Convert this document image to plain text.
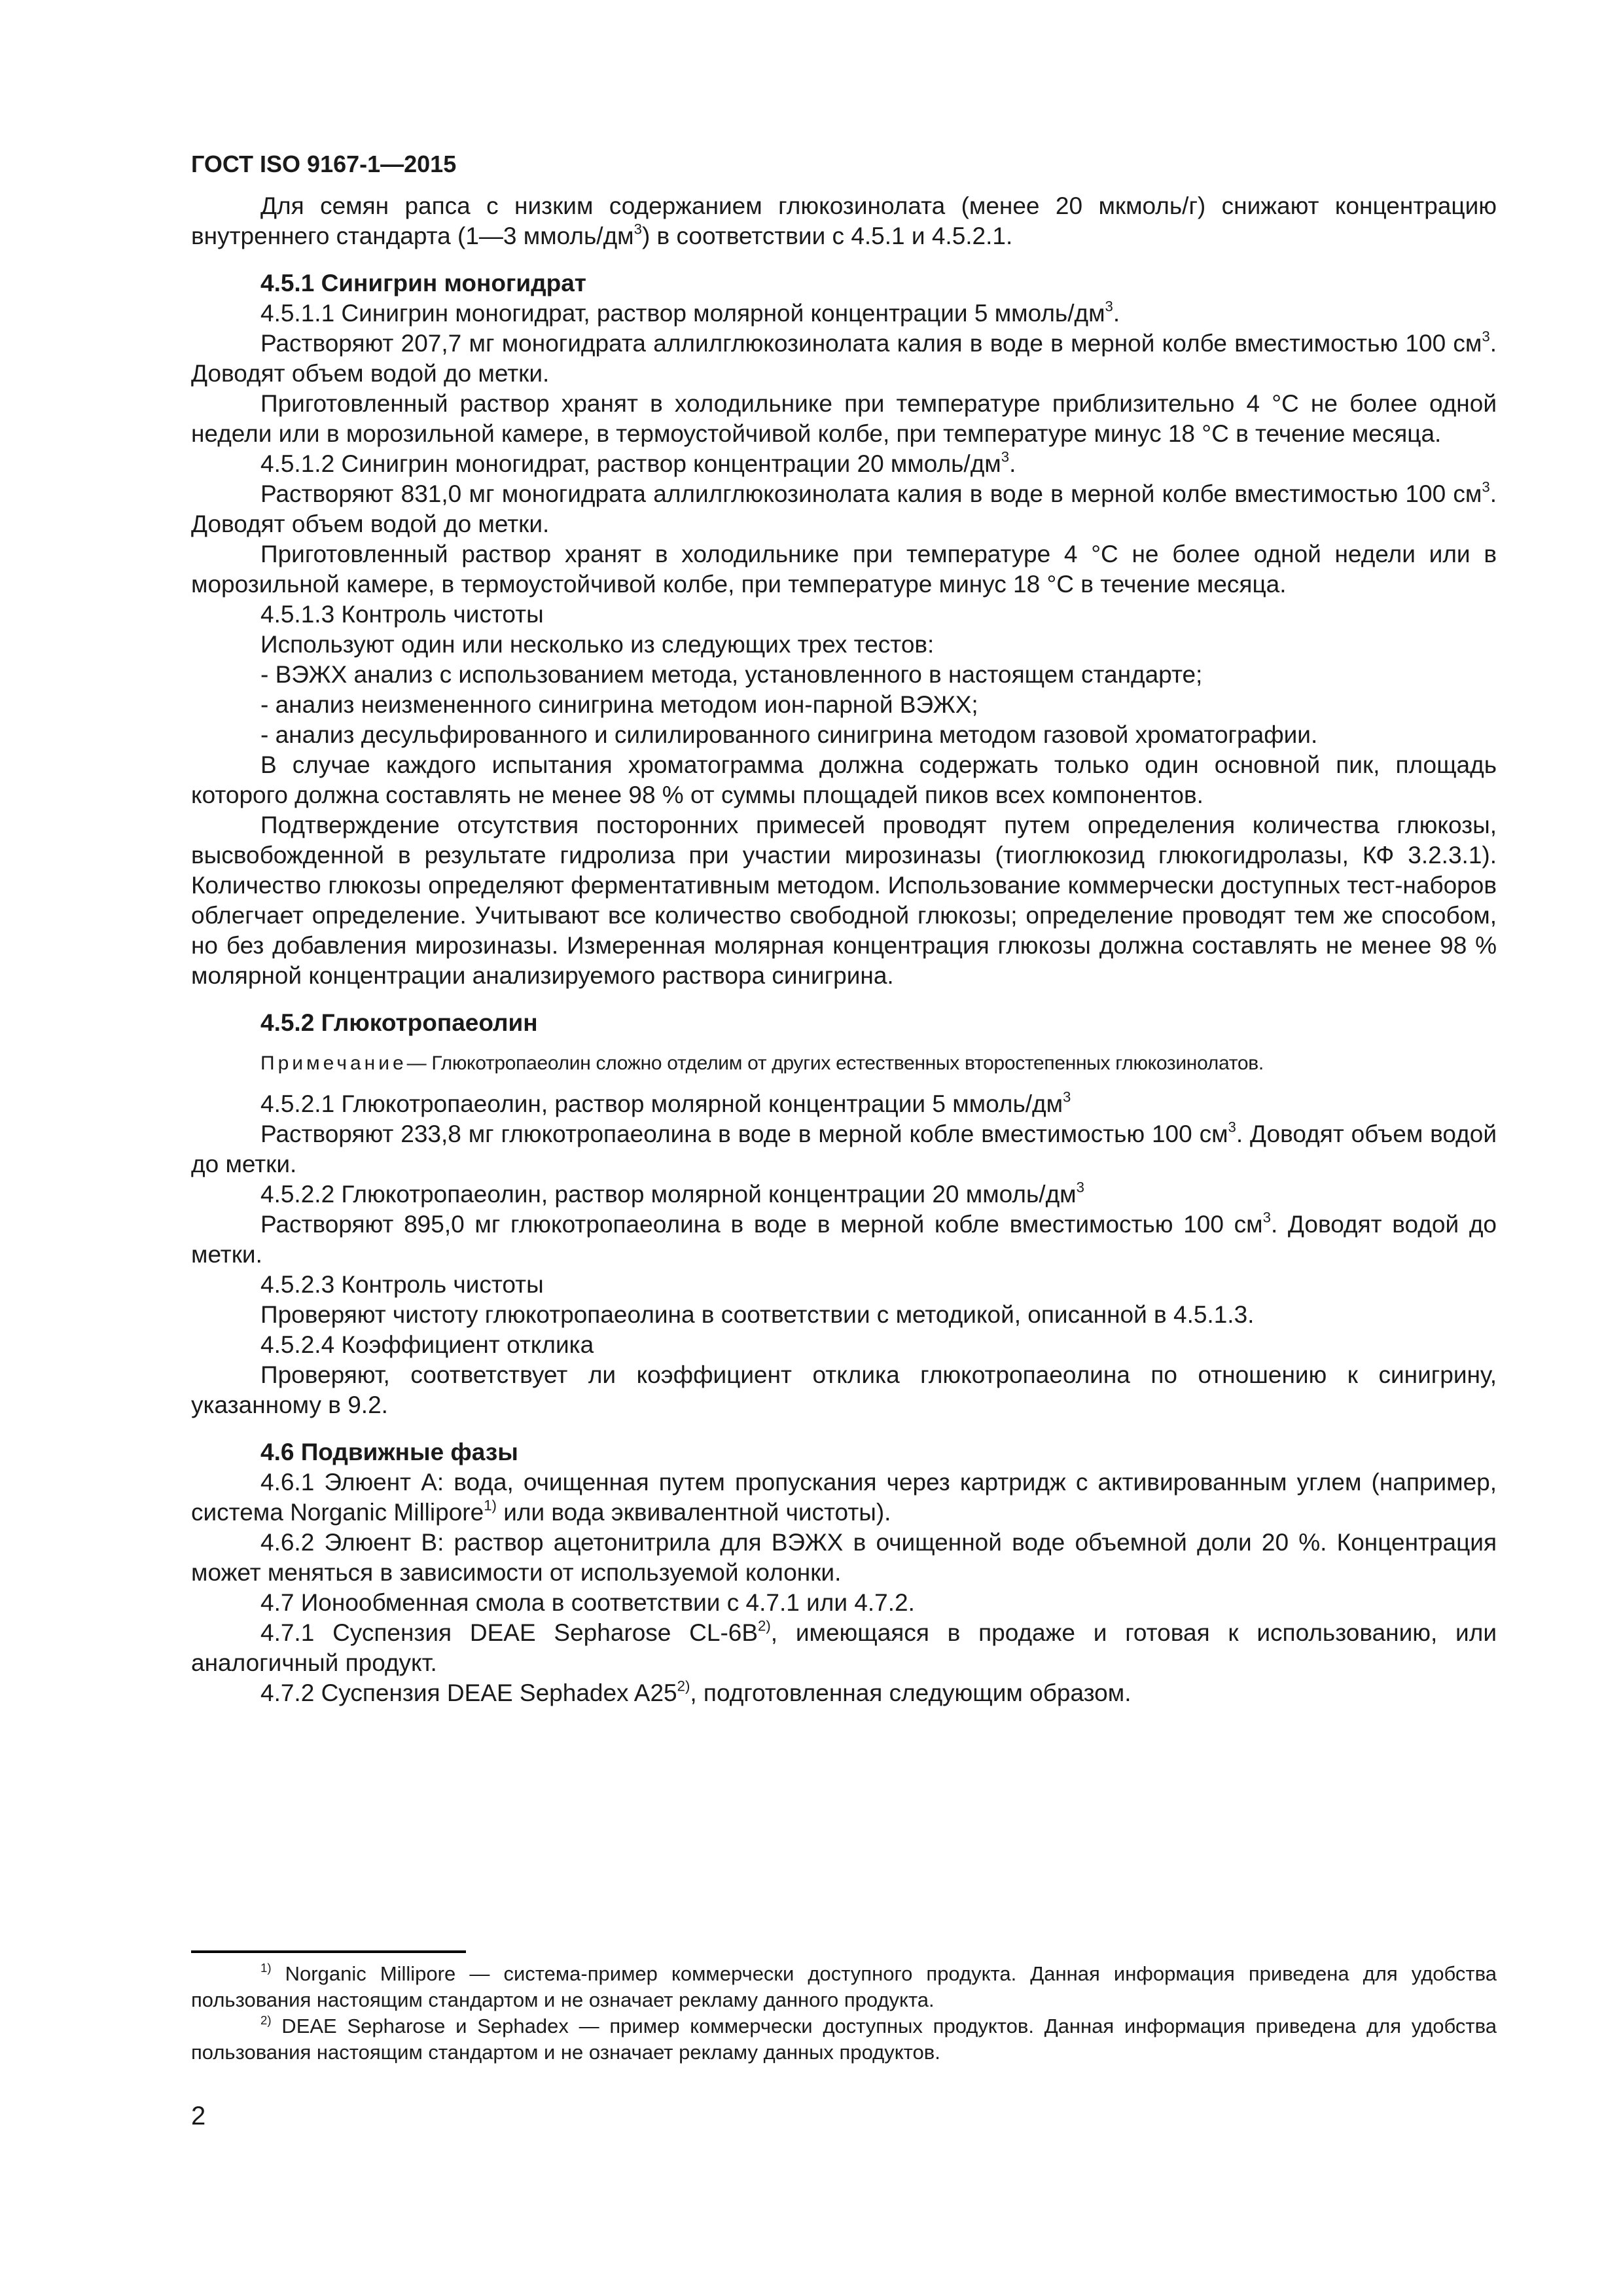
ГОСТ ISO 9167-1—2015

Для семян рапса с низким содержанием глюкозинолата (менее 20 мкмоль/г) снижают концентрацию внутреннего стандарта (1—3 ммоль/$дм^3$) в соответствии с 4.5.1 и 4.5.2.1.

4.5.1 Синигрин моногидрат

4.5.1.1 Синигрин моногидрат, раствор молярной концентрации 5 ммоль/$дм^3$.

Растворяют 207,7 мг моногидрата аллилглюкозинолата калия в воде в мерной колбе вместимостью 100 $см^3$. Доводят объем водой до метки.

Приготовленный раствор хранят в холодильнике при температуре приблизительно 4 °С не более одной недели или в морозильной камере, в термоустойчивой колбе, при температуре минус 18 °С в течение месяца.

4.5.1.2 Синигрин моногидрат, раствор концентрации 20 ммоль/$дм^3$.

Растворяют 831,0 мг моногидрата аллилглюкозинолата калия в воде в мерной колбе вместимостью 100 $см^3$. Доводят объем водой до метки.

Приготовленный раствор хранят в холодильнике при температуре 4 °С не более одной недели или в морозильной камере, в термоустойчивой колбе, при температуре минус 18 °С в течение месяца.

4.5.1.3 Контроль чистоты

Используют один или несколько из следующих трех тестов:

- ВЭЖХ анализ с использованием метода, установленного в настоящем стандарте;

- анализ неизмененного синигрина методом ион-парной ВЭЖХ;

- анализ десульфированного и силилированного синигрина методом газовой хроматографии.

В случае каждого испытания хроматограмма должна содержать только один основной пик, площадь которого должна составлять не менее 98 % от суммы площадей пиков всех компонентов.

Подтверждение отсутствия посторонних примесей проводят путем определения количества глюкозы, высвобожденной в результате гидролиза при участии мирозиназы (тиоглюкозид глюкогидролазы, КФ 3.2.3.1). Количество глюкозы определяют ферментативным методом. Использование коммерчески доступных тест-наборов облегчает определение. Учитывают все количество свободной глюкозы; определение проводят тем же способом, но без добавления мирозиназы. Измеренная молярная концентрация глюкозы должна составлять не менее 98 % молярной концентрации анализируемого раствора синигрина.

4.5.2 Глюкотропаеолин

Примечание— Глюкотропаеолин сложно отделим от других естественных второстепенных глюкозинолатов.

4.5.2.1 Глюкотропаеолин, раствор молярной концентрации 5 ммоль/$дм^3$

Растворяют 233,8 мг глюкотропаеолина в воде в мерной кобле вместимостью 100 $см^3$. Доводят объем водой до метки.

4.5.2.2 Глюкотропаеолин, раствор молярной концентрации 20 ммоль/$дм^3$

Растворяют 895,0 мг глюкотропаеолина в воде в мерной кобле вместимостью 100 $см^3$. Доводят водой до метки.

4.5.2.3 Контроль чистоты

Проверяют чистоту глюкотропаеолина в соответствии с методикой, описанной в 4.5.1.3.

4.5.2.4 Коэффициент отклика

Проверяют, соответствует ли коэффициент отклика глюкотропаеолина по отношению к синигрину, указанному в 9.2.

4.6 Подвижные фазы

4.6.1 Элюент А: вода, очищенная путем пропускания через картридж с активированным углем (например, система Norganic Millipore$^{1)}$ или вода эквивалентной чистоты).

4.6.2 Элюент В: раствор ацетонитрила для ВЭЖХ в очищенной воде объемной доли 20 %. Концентрация может меняться в зависимости от используемой колонки.

4.7 Ионообменная смола в соответствии с 4.7.1 или 4.7.2.

4.7.1 Суспензия DEAE Sepharose $CL-6B^{2)}$, имеющаяся в продаже и готовая к использованию, или аналогичный продукт.

4.7.2 Суспензия DEAE Sephadex A25$^{2)}$, подготовленная следующим образом.

$^{1)}$ Norganic Millipore — система-пример коммерчески доступного продукта. Данная информация приведена для удобства пользования настоящим стандартом и не означает рекламу данного продукта.

$^{2)}$ DEAE Sepharose и Sephadex — пример коммерчески доступных продуктов. Данная информация приведена для удобства пользования настоящим стандартом и не означает рекламу данных продуктов.

2
